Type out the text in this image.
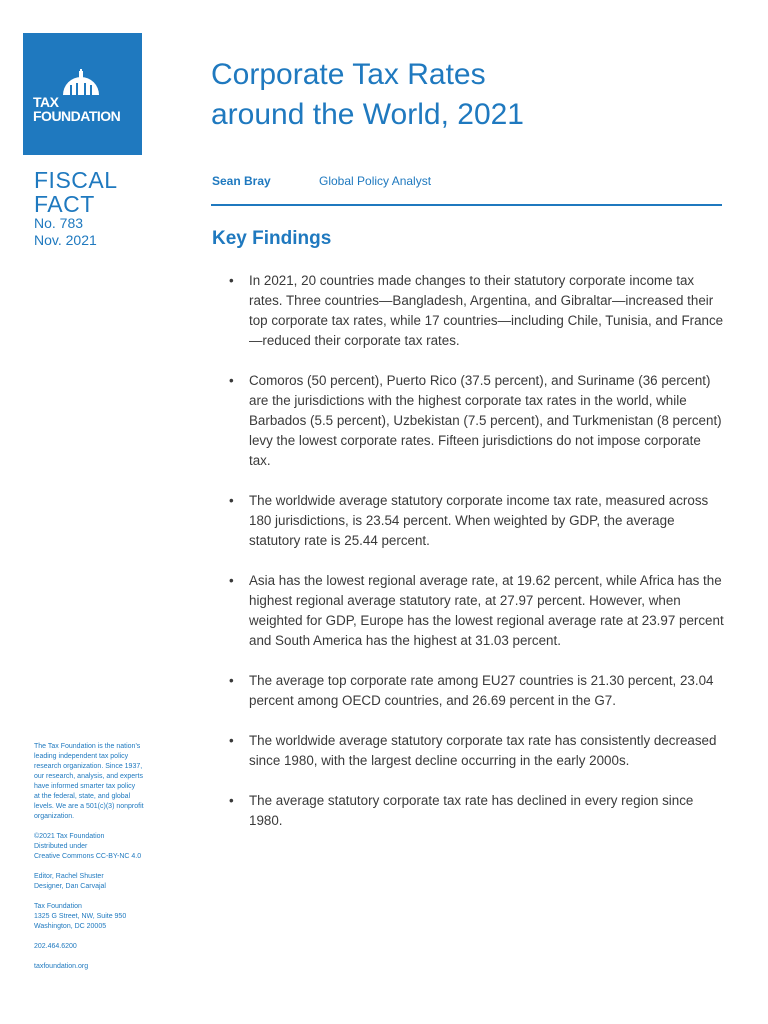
TAX
FOUNDATION
FISCAL
FACT
No. 783
Nov. 2021
Corporate Tax Rates
around the World, 2021
Sean Bray	Global Policy Analyst
Key Findings
• In 2021, 20 countries made changes to their statutory corporate income tax rates. Three countries—Bangladesh, Argentina, and Gibraltar—increased their top corporate tax rates, while 17 countries—including Chile, Tunisia, and France—reduced their corporate tax rates.
• Comoros (50 percent), Puerto Rico (37.5 percent), and Suriname (36 percent) are the jurisdictions with the highest corporate tax rates in the world, while Barbados (5.5 percent), Uzbekistan (7.5 percent), and Turkmenistan (8 percent) levy the lowest corporate rates. Fifteen jurisdictions do not impose corporate tax.
• The worldwide average statutory corporate income tax rate, measured across 180 jurisdictions, is 23.54 percent. When weighted by GDP, the average statutory rate is 25.44 percent.
• Asia has the lowest regional average rate, at 19.62 percent, while Africa has the highest regional average statutory rate, at 27.97 percent. However, when weighted for GDP, Europe has the lowest regional average rate at 23.97 percent and South America has the highest at 31.03 percent.
• The average top corporate rate among EU27 countries is 21.30 percent, 23.04 percent among OECD countries, and 26.69 percent in the G7.
• The worldwide average statutory corporate tax rate has consistently decreased since 1980, with the largest decline occurring in the early 2000s.
• The average statutory corporate tax rate has declined in every region since 1980.

The Tax Foundation is the nation's
leading independent tax policy
research organization. Since 1937,
our research, analysis, and experts
have informed smarter tax policy
at the federal, state, and global
levels. We are a 501(c)(3) nonprofit
organization.

©2021 Tax Foundation
Distributed under
Creative Commons CC-BY-NC 4.0

Editor, Rachel Shuster
Designer, Dan Carvajal

Tax Foundation
1325 G Street, NW, Suite 950
Washington, DC 20005

202.464.6200

taxfoundation.org
